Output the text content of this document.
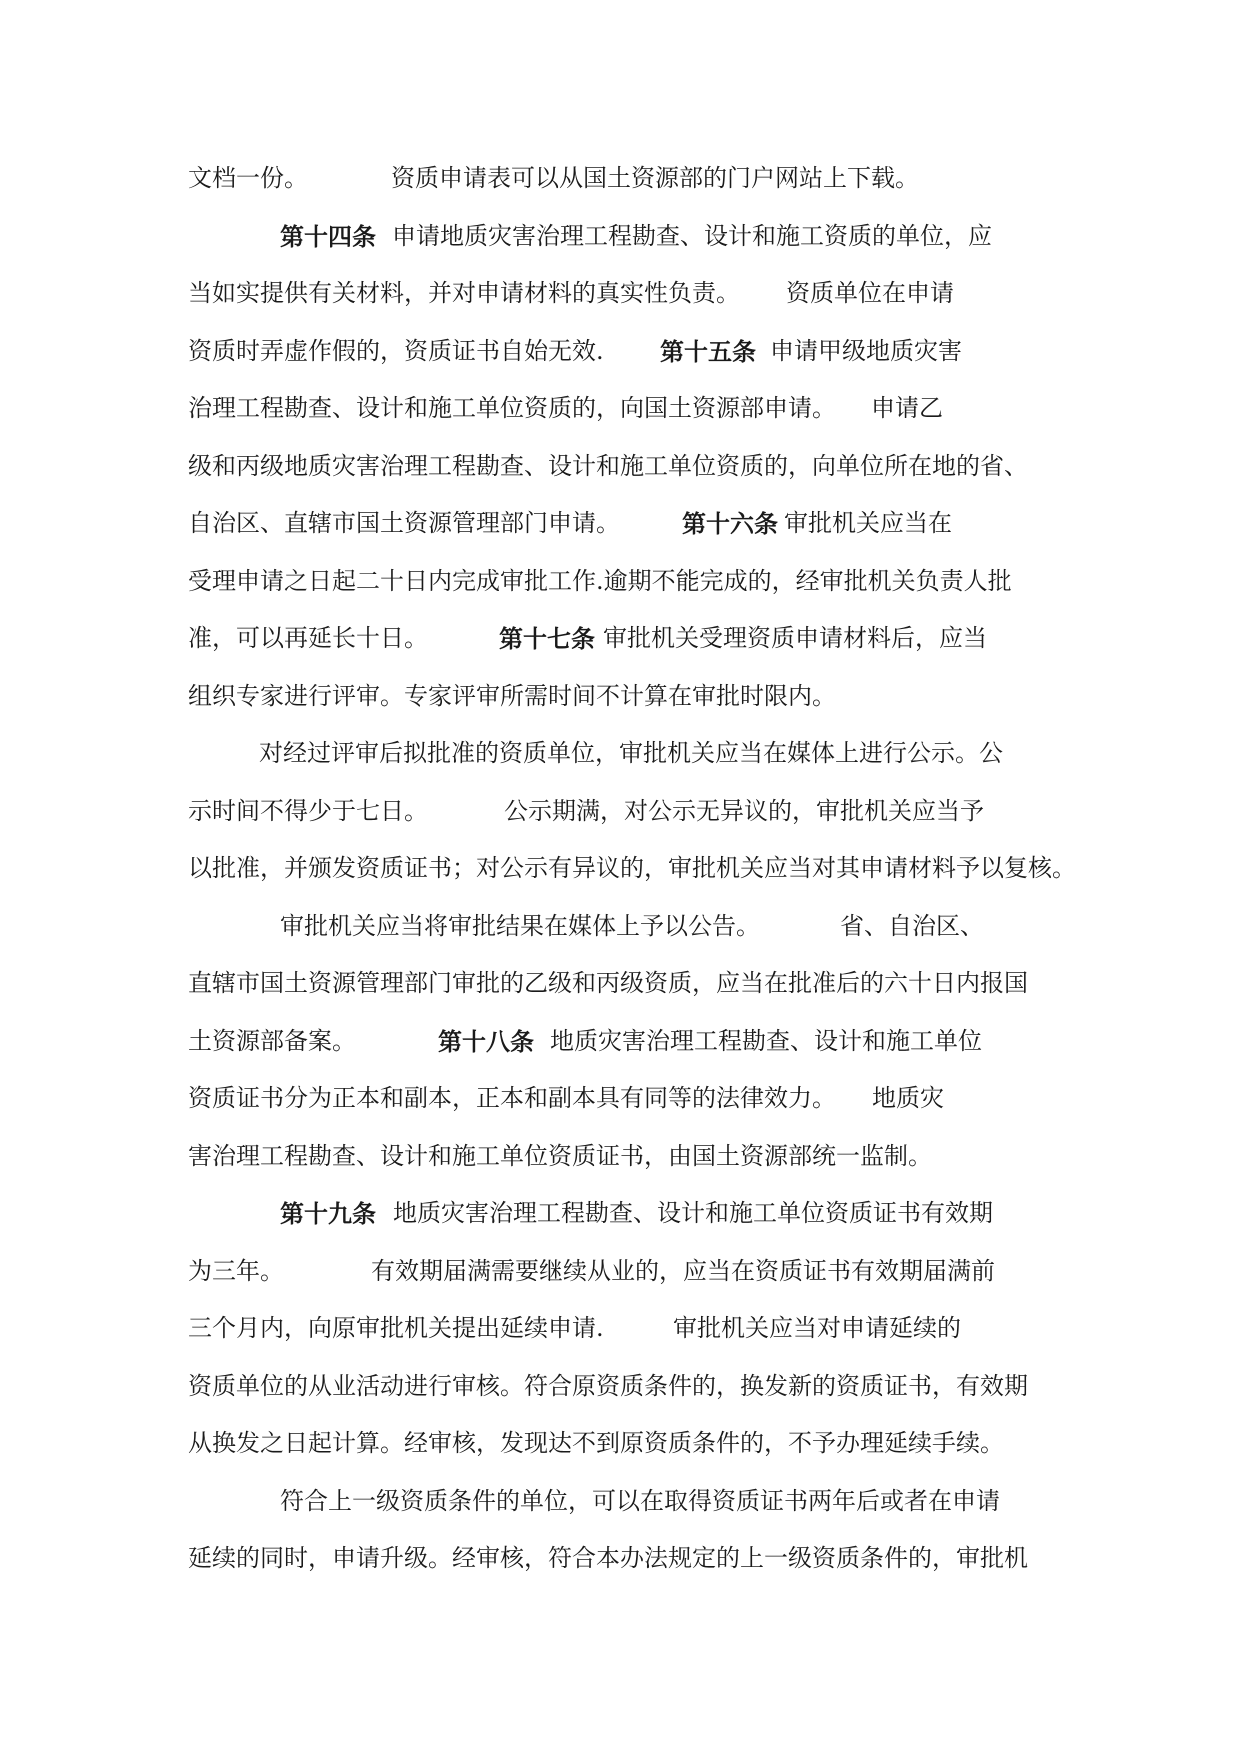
文档一份。	资质申请表可以从国土资源部的门户网站上下载。
第十四条 申请地质灾害治理工程勘查、设计和施工资质的单位，应
当如实提供有关材料，并对申请材料的真实性负责。 资质单位在申请
资质时弄虚作假的，资质证书自始无效. 第十五条 申请甲级地质灾害
治理工程勘查、设计和施工单位资质的，向国土资源部申请。 申请乙
级和丙级地质灾害治理工程勘查、设计和施工单位资质的，向单位所在地的省、
自治区、直辖市国土资源管理部门申请。	第十六条 审批机关应当在
受理申请之日起二十日内完成审批工作.逾期不能完成的，经审批机关负责人批
准，可以再延长十日。	第十七条 审批机关受理资质申请材料后，应当
组织专家进行评审。专家评审所需时间不计算在审批时限内。
对经过评审后拟批准的资质单位，审批机关应当在媒体上进行公示。公
示时间不得少于七日。	公示期满，对公示无异议的，审批机关应当予
以批准，并颁发资质证书；对公示有异议的，审批机关应当对其申请材料予以复核。
审批机关应当将审批结果在媒体上予以公告。	省、自治区、
直辖市国土资源管理部门审批的乙级和丙级资质，应当在批准后的六十日内报国
土资源部备案。	第十八条 地质灾害治理工程勘查、设计和施工单位
资质证书分为正本和副本，正本和副本具有同等的法律效力。 地质灾
害治理工程勘查、设计和施工单位资质证书，由国土资源部统一监制。
第十九条 地质灾害治理工程勘查、设计和施工单位资质证书有效期
为三年。	有效期届满需要继续从业的，应当在资质证书有效期届满前
三个月内，向原审批机关提出延续申请.	审批机关应当对申请延续的
资质单位的从业活动进行审核。符合原资质条件的，换发新的资质证书，有效期
从换发之日起计算。经审核，发现达不到原资质条件的，不予办理延续手续。
符合上一级资质条件的单位，可以在取得资质证书两年后或者在申请
延续的同时，申请升级。经审核，符合本办法规定的上一级资质条件的，审批机
